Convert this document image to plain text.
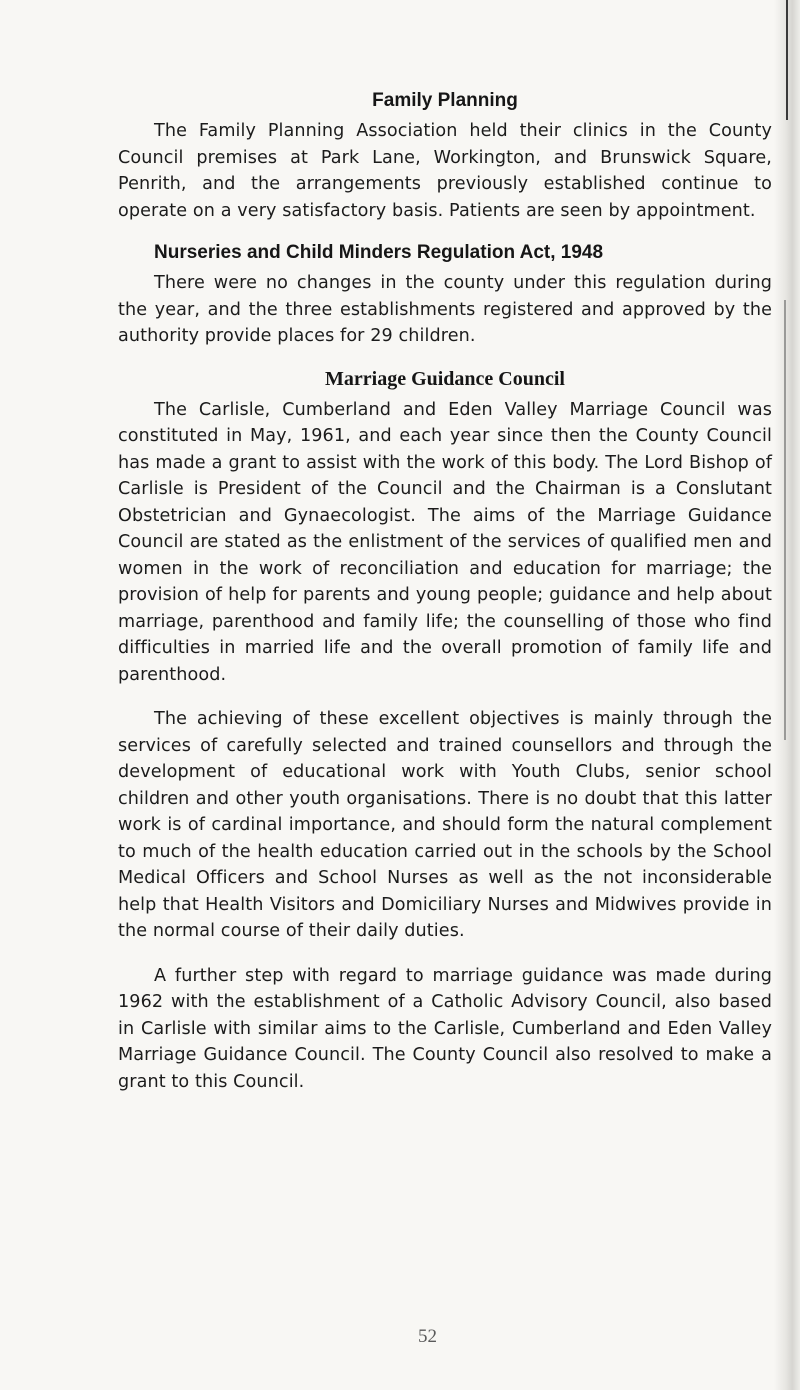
Family Planning

The Family Planning Association held their clinics in the County Council premises at Park Lane, Workington, and Brunswick Square, Penrith, and the arrangements previously established continue to operate on a very satisfactory basis. Patients are seen by appointment.

Nurseries and Child Minders Regulation Act, 1948

There were no changes in the county under this regulation during the year, and the three establishments registered and approved by the authority provide places for 29 children.

Marriage Guidance Council

The Carlisle, Cumberland and Eden Valley Marriage Council was constituted in May, 1961, and each year since then the County Council has made a grant to assist with the work of this body. The Lord Bishop of Carlisle is President of the Council and the Chairman is a Conslutant Obstetrician and Gynaecologist. The aims of the Marriage Guidance Council are stated as the enlistment of the services of qualified men and women in the work of reconciliation and education for marriage; the provision of help for parents and young people; guidance and help about marriage, parenthood and family life; the counselling of those who find difficulties in married life and the overall promotion of family life and parenthood.

The achieving of these excellent objectives is mainly through the services of carefully selected and trained counsellors and through the development of educational work with Youth Clubs, senior school children and other youth organisations. There is no doubt that this latter work is of cardinal importance, and should form the natural complement to much of the health education carried out in the schools by the School Medical Officers and School Nurses as well as the not inconsiderable help that Health Visitors and Domiciliary Nurses and Midwives provide in the normal course of their daily duties.

A further step with regard to marriage guidance was made during 1962 with the establishment of a Catholic Advisory Council, also based in Carlisle with similar aims to the Carlisle, Cumberland and Eden Valley Marriage Guidance Council. The County Council also resolved to make a grant to this Council.

52
